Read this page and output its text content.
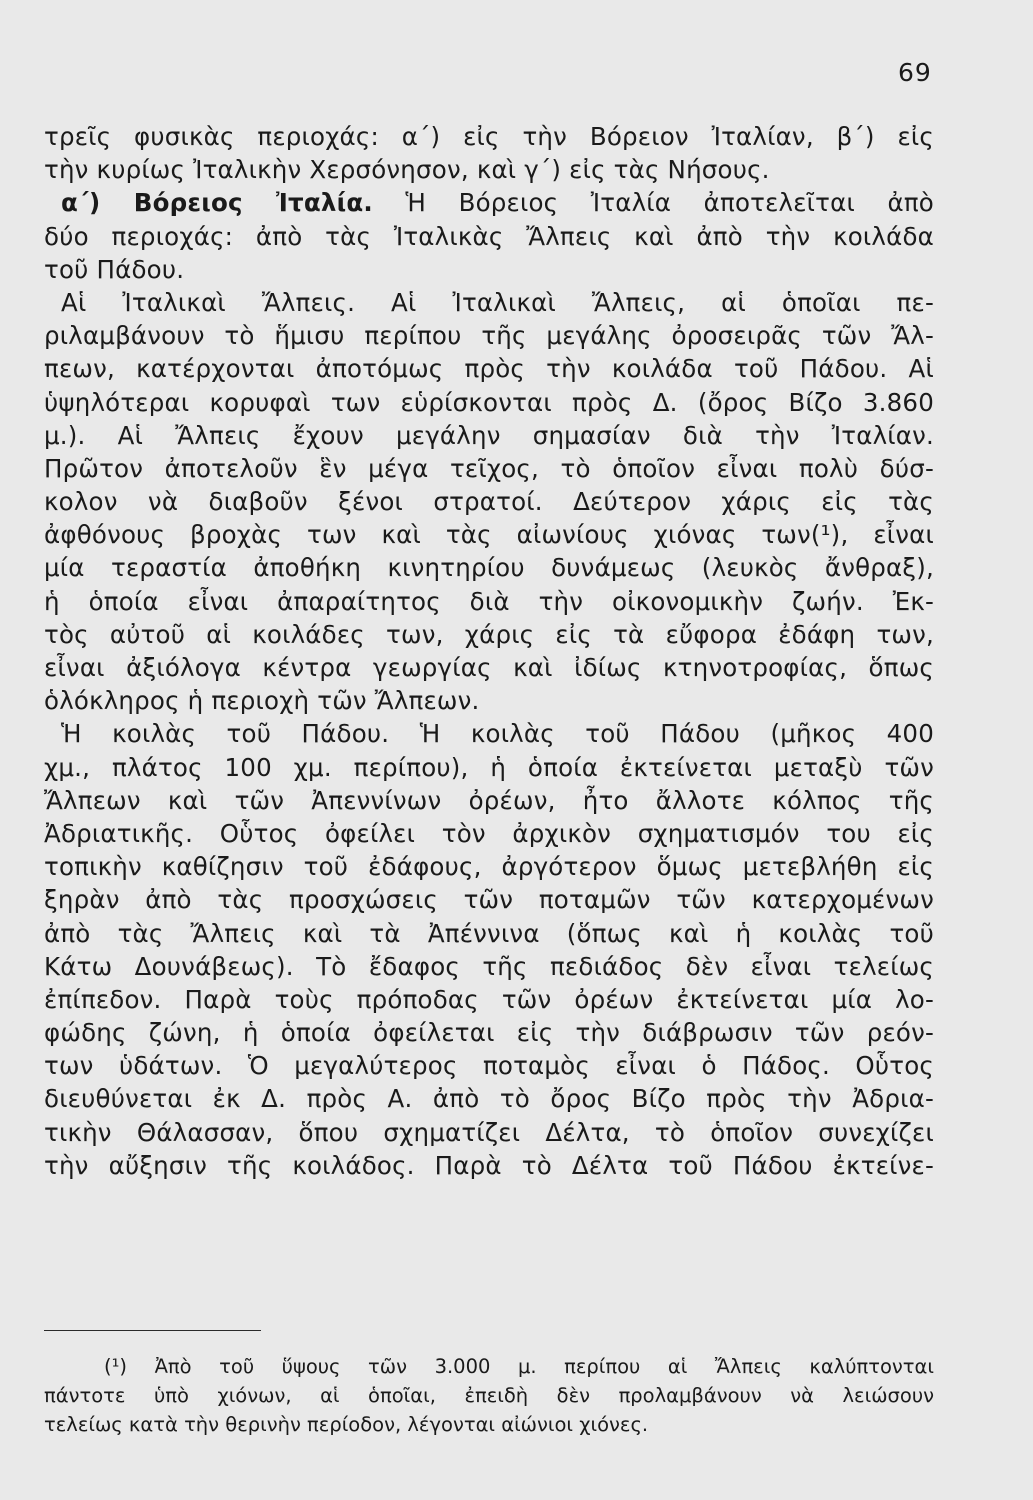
69
τρεῖς φυσικὰς περιοχάς: α΄) εἰς τὴν Βόρειον Ἰταλίαν, β΄) εἰς
τὴν κυρίως Ἰταλικὴν Χερσόνησον, καὶ γ΄) εἰς τὰς Νήσους.
α΄) Βόρειος Ἰταλία. Ἡ Βόρειος Ἰταλία ἀποτελεῖται ἀπὸ
δύο περιοχάς: ἀπὸ τὰς Ἰταλικὰς Ἄλπεις καὶ ἀπὸ τὴν κοιλάδα
τοῦ Πάδου.
Αἱ Ἰταλικαὶ Ἄλπεις. Αἱ Ἰταλικαὶ Ἄλπεις, αἱ ὁποῖαι πε-
ριλαμβάνουν τὸ ἥμισυ περίπου τῆς μεγάλης ὀροσειρᾶς τῶν Ἄλ-
πεων, κατέρχονται ἀποτόμως πρὸς τὴν κοιλάδα τοῦ Πάδου. Αἱ
ὑψηλότεραι κορυφαὶ των εὑρίσκονται πρὸς Δ. (ὄρος Βίζο 3.860
μ.). Αἱ Ἄλπεις ἔχουν μεγάλην σημασίαν διὰ τὴν Ἰταλίαν.
Πρῶτον ἀποτελοῦν ἓν μέγα τεῖχος, τὸ ὁποῖον εἶναι πολὺ δύσ-
κολον νὰ διαβοῦν ξένοι στρατοί. Δεύτερον χάρις εἰς τὰς
ἀφθόνους βροχὰς των καὶ τὰς αἰωνίους χιόνας των(¹), εἶναι
μία τεραστία ἀποθήκη κινητηρίου δυνάμεως (λευκὸς ἄνθραξ),
ἡ ὁποία εἶναι ἀπαραίτητος διὰ τὴν οἰκονομικὴν ζωήν. Ἐκ-
τὸς αὐτοῦ αἱ κοιλάδες των, χάρις εἰς τὰ εὔφορα ἐδάφη των,
εἶναι ἀξιόλογα κέντρα γεωργίας καὶ ἰδίως κτηνοτροφίας, ὅπως
ὁλόκληρος ἡ περιοχὴ τῶν Ἄλπεων.
Ἡ κοιλὰς τοῦ Πάδου. Ἡ κοιλὰς τοῦ Πάδου (μῆκος 400
χμ., πλάτος 100 χμ. περίπου), ἡ ὁποία ἐκτείνεται μεταξὺ τῶν
Ἄλπεων καὶ τῶν Ἀπεννίνων ὀρέων, ἦτο ἄλλοτε κόλπος τῆς
Ἀδριατικῆς. Οὗτος ὀφείλει τὸν ἀρχικὸν σχηματισμόν του εἰς
τοπικὴν καθίζησιν τοῦ ἐδάφους, ἀργότερον ὅμως μετεβλήθη εἰς
ξηρὰν ἀπὸ τὰς προσχώσεις τῶν ποταμῶν τῶν κατερχομένων
ἀπὸ τὰς Ἄλπεις καὶ τὰ Ἀπέννινα (ὅπως καὶ ἡ κοιλὰς τοῦ
Κάτω Δουνάβεως). Τὸ ἔδαφος τῆς πεδιάδος δὲν εἶναι τελείως
ἐπίπεδον. Παρὰ τοὺς πρόποδας τῶν ὀρέων ἐκτείνεται μία λο-
φώδης ζώνη, ἡ ὁποία ὀφείλεται εἰς τὴν διάβρωσιν τῶν ρεόν-
των ὑδάτων. Ὁ μεγαλύτερος ποταμὸς εἶναι ὁ Πάδος. Οὗτος
διευθύνεται ἐκ Δ. πρὸς Α. ἀπὸ τὸ ὄρος Βίζο πρὸς τὴν Ἀδρια-
τικὴν Θάλασσαν, ὅπου σχηματίζει Δέλτα, τὸ ὁποῖον συνεχίζει
τὴν αὔξησιν τῆς κοιλάδος. Παρὰ τὸ Δέλτα τοῦ Πάδου ἐκτείνε-
(¹) Ἀπὸ τοῦ ὕψους τῶν 3.000 μ. περίπου αἱ Ἄλπεις καλύπτονται
πάντοτε ὑπὸ χιόνων, αἱ ὁποῖαι, ἐπειδὴ δὲν προλαμβάνουν νὰ λειώσουν
τελείως κατὰ τὴν θερινὴν περίοδον, λέγονται αἰώνιοι χιόνες.
